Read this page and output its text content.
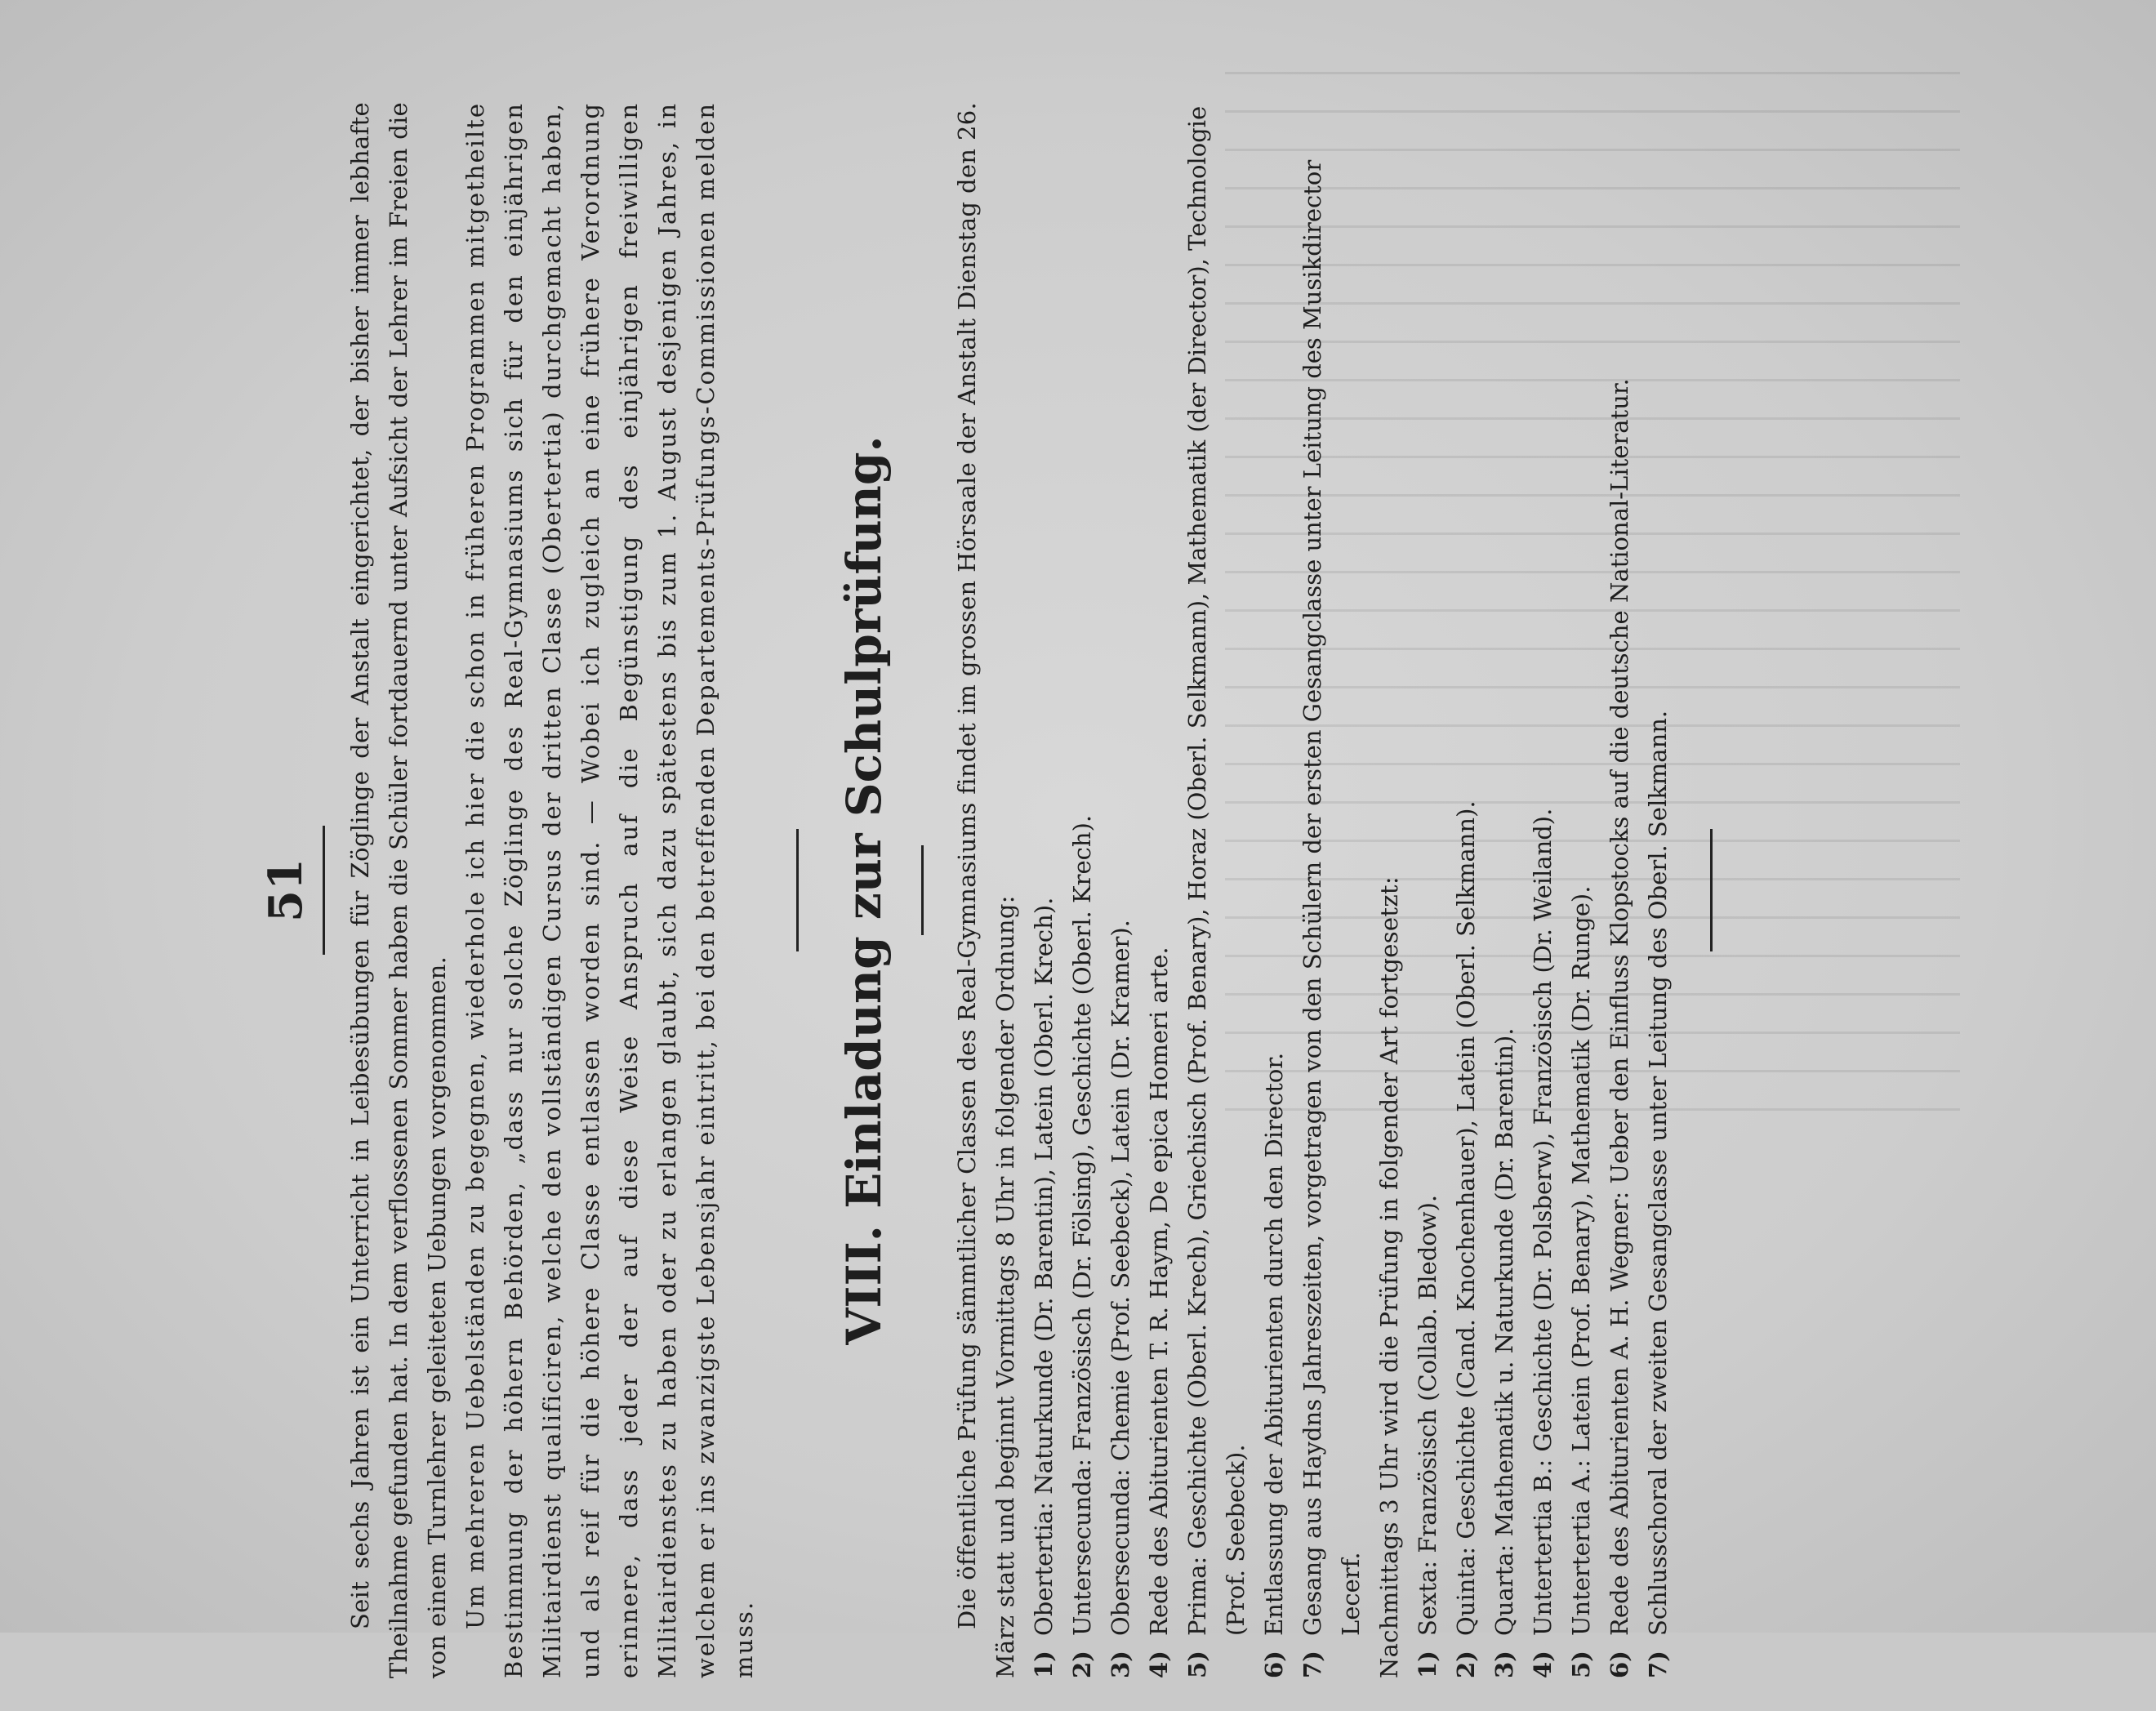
51	Seit sechs Jahren ist ein Unterricht in Leibesübungen für Zöglinge der Anstalt eingerichtet, der bisher immer lebhafte Theilnahme gefunden hat. In dem verflossenen Sommer haben die Schüler fortdauernd unter Aufsicht der Lehrer im Freien die von einem Turnlehrer geleiteten Uebungen vorgenommen. Um mehreren Uebelständen zu begegnen, wiederhole ich hier die schon in früheren Programmen mitgetheilte Bestimmung der höhern Behörden, „dass nur solche Zöglinge des Real-Gymnasiums sich für den einjährigen Militairdienst qualificiren, welche den vollständigen Cursus der dritten Classe (Obertertia) durchgemacht haben, und als reif für die höhere Classe entlassen worden sind. — Wobei ich zugleich an eine frühere Verordnung erinnere, dass jeder der auf diese Weise Anspruch auf die Begünstigung des einjährigen freiwilligen Militairdienstes zu haben oder zu erlangen glaubt, sich dazu spätestens bis zum 1. August desjenigen Jahres, in welchem er ins zwanzigste Lebensjahr eintritt, bei den betreffenden Departements-Prüfungs-Commissionen melden muss.

VIII. Einladung zur Schulprüfung.	Die öffentliche Prüfung sämmtlicher Classen des Real-Gymnasiums findet im grossen Hörsaale der Anstalt Dienstag den 26. März statt und beginnt Vormittags 8 Uhr in folgender Ordnung: 1)Obertertia: Naturkunde (Dr. Barentin), Latein (Oberl. Krech).
2)Untersecunda: Französisch (Dr. Fölsing), Geschichte (Oberl. Krech).
3)Obersecunda: Chemie (Prof. Seebeck), Latein (Dr. Kramer).
4)Rede des Abiturienten T. R. Haym, De epica Homeri arte.
5)Prima: Geschichte (Oberl. Krech), Griechisch (Prof. Benary), Horaz (Oberl. Selkmann), Mathematik (der Director), Technologie (Prof. Seebeck).
6)Entlassung der Abiturienten durch den Director.
7)Gesang aus Haydns Jahreszeiten, vorgetragen von den Schülern der ersten Gesangclasse unter Leitung des Musikdirector Lecerf. Nachmittags 3 Uhr wird die Prüfung in folgender Art fortgesetzt: 1)Sexta: Französisch (Collab. Bledow).
2)Quinta: Geschichte (Cand. Knochenhauer), Latein (Oberl. Selkmann).
3)Quarta: Mathematik u. Naturkunde (Dr. Barentin).
4)Untertertia B.: Geschichte (Dr. Polsberw), Französisch (Dr. Weiland).
5)Untertertia A.: Latein (Prof. Benary), Mathematik (Dr. Runge).
6)Rede des Abiturienten A. H. Wegner: Ueber den Einfluss Klopstocks auf die deutsche National-Literatur.
7)Schlusschoral der zweiten Gesangclasse unter Leitung des Oberl. Selkmann.
